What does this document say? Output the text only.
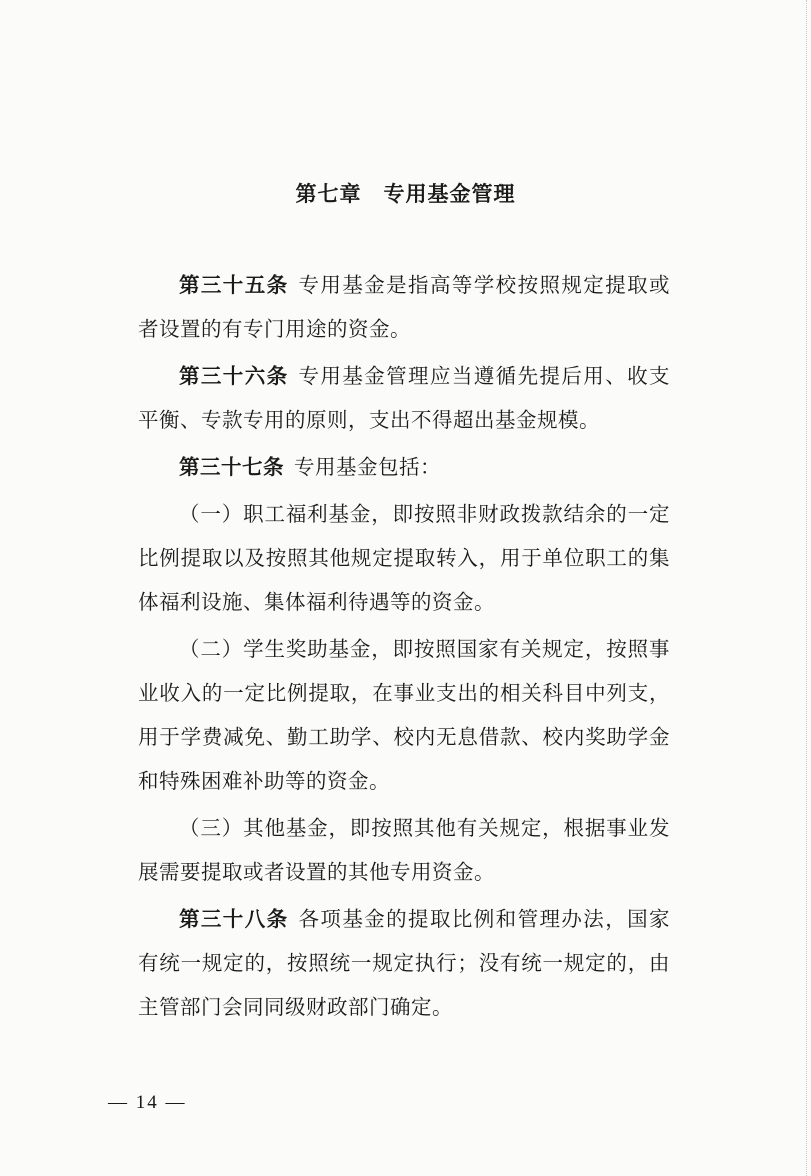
第七章 专用基金管理

第三十五条 专用基金是指高等学校按照规定提取或者设置的有专门用途的资金。

第三十六条 专用基金管理应当遵循先提后用、收支平衡、专款专用的原则，支出不得超出基金规模。

第三十七条 专用基金包括：

（一）职工福利基金，即按照非财政拨款结余的一定比例提取以及按照其他规定提取转入，用于单位职工的集体福利设施、集体福利待遇等的资金。

（二）学生奖助基金，即按照国家有关规定，按照事业收入的一定比例提取，在事业支出的相关科目中列支，用于学费减免、勤工助学、校内无息借款、校内奖助学金和特殊困难补助等的资金。

（三）其他基金，即按照其他有关规定，根据事业发展需要提取或者设置的其他专用资金。

第三十八条 各项基金的提取比例和管理办法，国家有统一规定的，按照统一规定执行；没有统一规定的，由主管部门会同同级财政部门确定。

— 14 —
